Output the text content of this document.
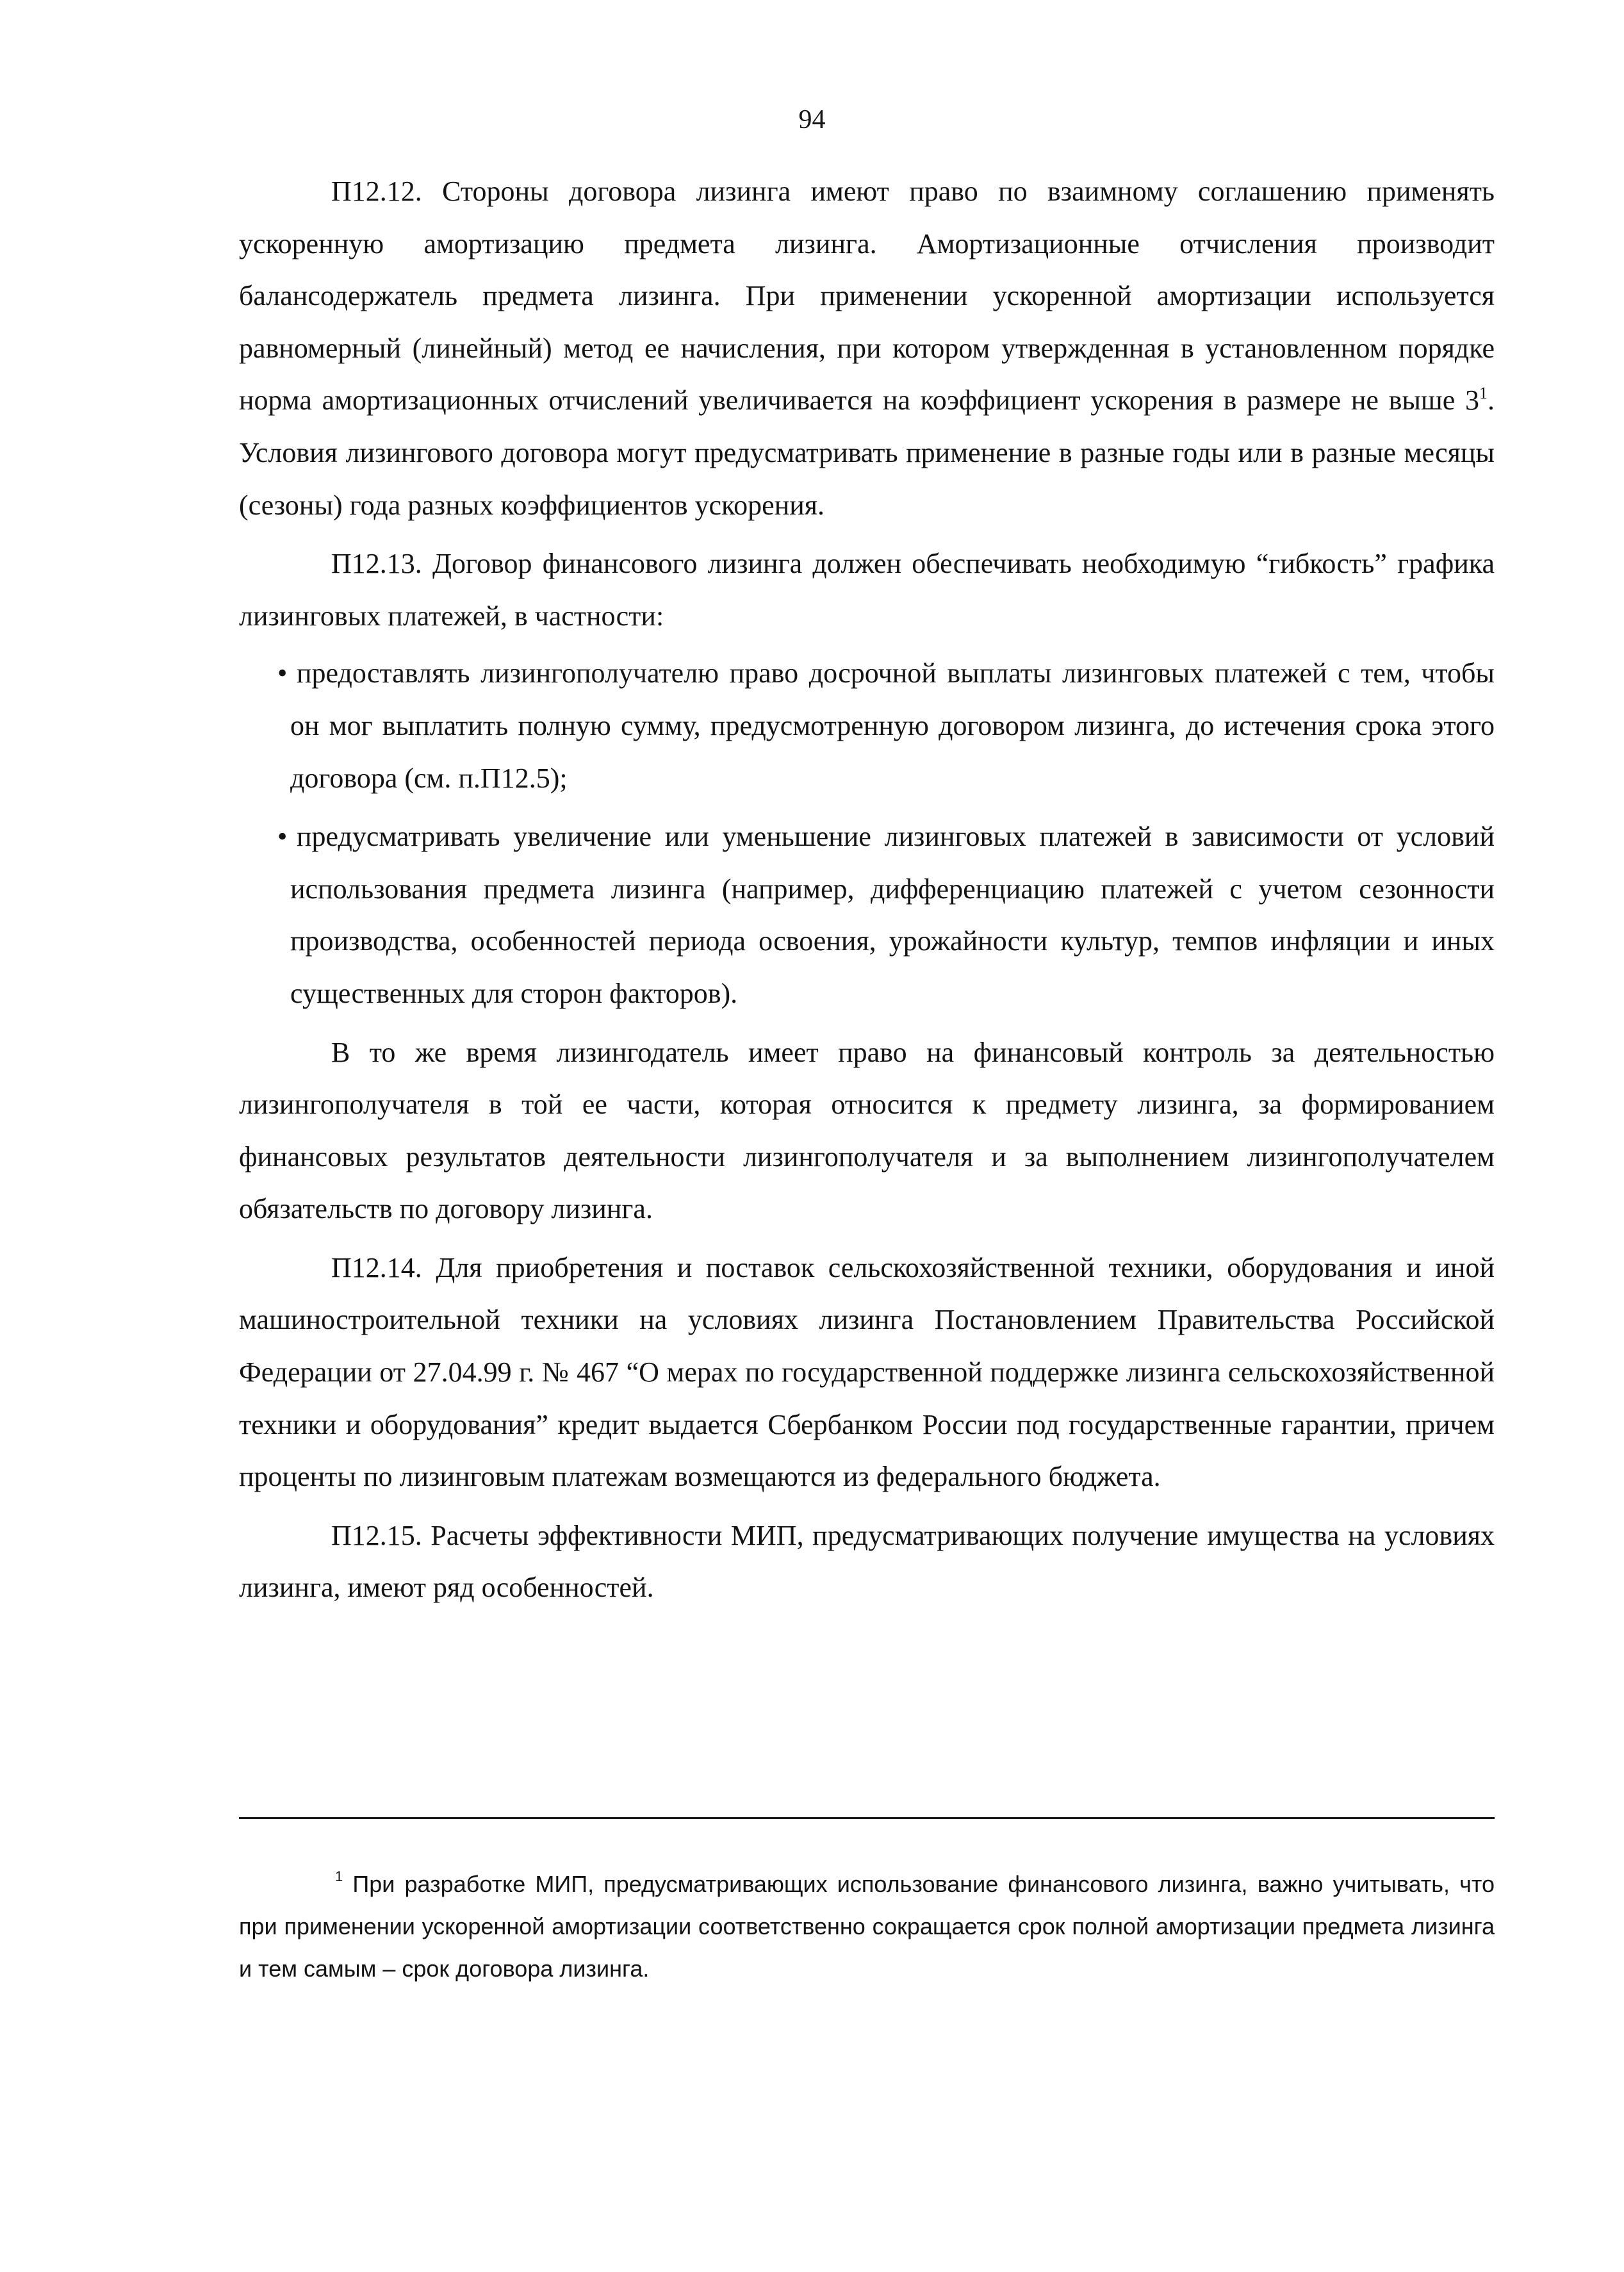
94

П12.12. Стороны договора лизинга имеют право по взаимному соглашению применять ускоренную амортизацию предмета лизинга. Амортизационные отчисления производит балансодержатель предмета лизинга. При применении ускоренной амортизации используется равномерный (линейный) метод ее начисления, при котором утвержденная в установленном порядке норма амортизационных отчислений увеличивается на коэффициент ускорения в размере не выше $3^1$. Условия лизингового договора могут предусматривать применение в разные годы или в разные месяцы (сезоны) года разных коэффициентов ускорения.

П12.13. Договор финансового лизинга должен обеспечивать необходимую “гибкость” графика лизинговых платежей, в частности:

• предоставлять лизингополучателю право досрочной выплаты лизинговых платежей с тем, чтобы он мог выплатить полную сумму, предусмотренную договором лизинга, до истечения срока этого договора (см. п.П12.5);
• предусматривать увеличение или уменьшение лизинговых платежей в зависимости от условий использования предмета лизинга (например, дифференциацию платежей с учетом сезонности производства, особенностей периода освоения, урожайности культур, темпов инфляции и иных существенных для сторон факторов).

В то же время лизингодатель имеет право на финансовый контроль за деятельностью лизингополучателя в той ее части, которая относится к предмету лизинга, за формированием финансовых результатов деятельности лизингополучателя и за выполнением лизингополучателем обязательств по договору лизинга.

П12.14. Для приобретения и поставок сельскохозяйственной техники, оборудования и иной машиностроительной техники на условиях лизинга Постановлением Правительства Российской Федерации от 27.04.99 г. № 467 “О мерах по государственной поддержке лизинга сельскохозяйственной техники и оборудования” кредит выдается Сбербанком России под государственные гарантии, причем проценты по лизинговым платежам возмещаются из федерального бюджета.

П12.15. Расчеты эффективности МИП, предусматривающих получение имущества на условиях лизинга, имеют ряд особенностей.

$^1$ При разработке МИП, предусматривающих использование финансового лизинга, важно учитывать, что при применении ускоренной амортизации соответственно сокращается срок полной амортизации предмета лизинга и тем самым – срок договора лизинга.
